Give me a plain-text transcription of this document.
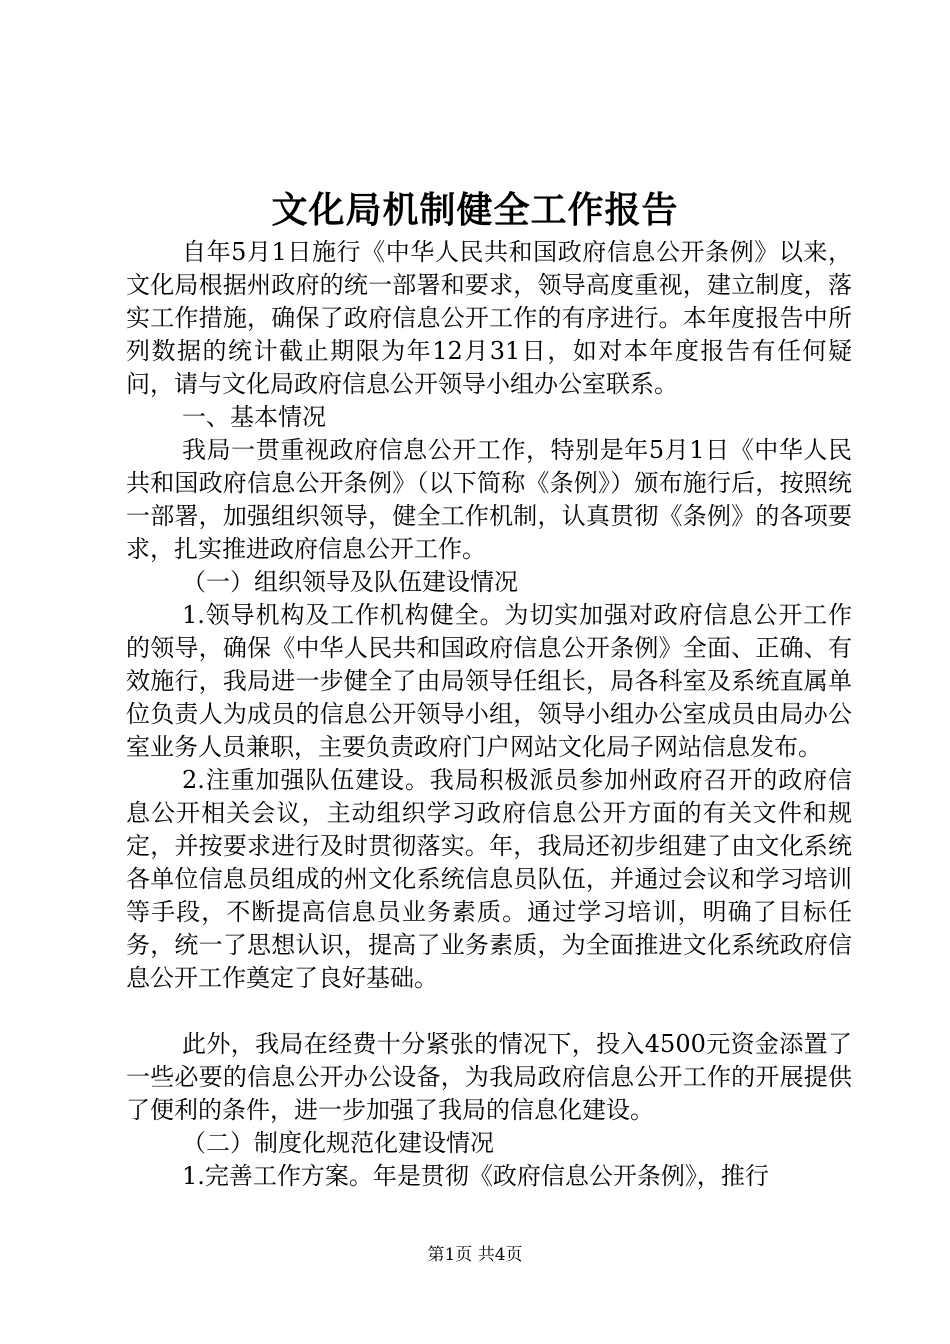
文化局机制健全工作报告

自年5月1日施行《中华人民共和国政府信息公开条例》以来，文化局根据州政府的统一部署和要求，领导高度重视，建立制度，落实工作措施，确保了政府信息公开工作的有序进行。本年度报告中所列数据的统计截止期限为年12月31日，如对本年度报告有任何疑问，请与文化局政府信息公开领导小组办公室联系。

一、基本情况

我局一贯重视政府信息公开工作，特别是年5月1日《中华人民共和国政府信息公开条例》（以下简称《条例》）颁布施行后，按照统一部署，加强组织领导，健全工作机制，认真贯彻《条例》的各项要求，扎实推进政府信息公开工作。

（一）组织领导及队伍建设情况

1.领导机构及工作机构健全。为切实加强对政府信息公开工作的领导，确保《中华人民共和国政府信息公开条例》全面、正确、有效施行，我局进一步健全了由局领导任组长，局各科室及系统直属单位负责人为成员的信息公开领导小组，领导小组办公室成员由局办公室业务人员兼职，主要负责政府门户网站文化局子网站信息发布。

2.注重加强队伍建设。我局积极派员参加州政府召开的政府信息公开相关会议，主动组织学习政府信息公开方面的有关文件和规定，并按要求进行及时贯彻落实。年，我局还初步组建了由文化系统各单位信息员组成的州文化系统信息员队伍，并通过会议和学习培训等手段，不断提高信息员业务素质。通过学习培训，明确了目标任务，统一了思想认识，提高了业务素质，为全面推进文化系统政府信息公开工作奠定了良好基础。

此外，我局在经费十分紧张的情况下，投入4500元资金添置了一些必要的信息公开办公设备，为我局政府信息公开工作的开展提供了便利的条件，进一步加强了我局的信息化建设。

（二）制度化规范化建设情况

1.完善工作方案。年是贯彻《政府信息公开条例》，推行

第1页 共4页
